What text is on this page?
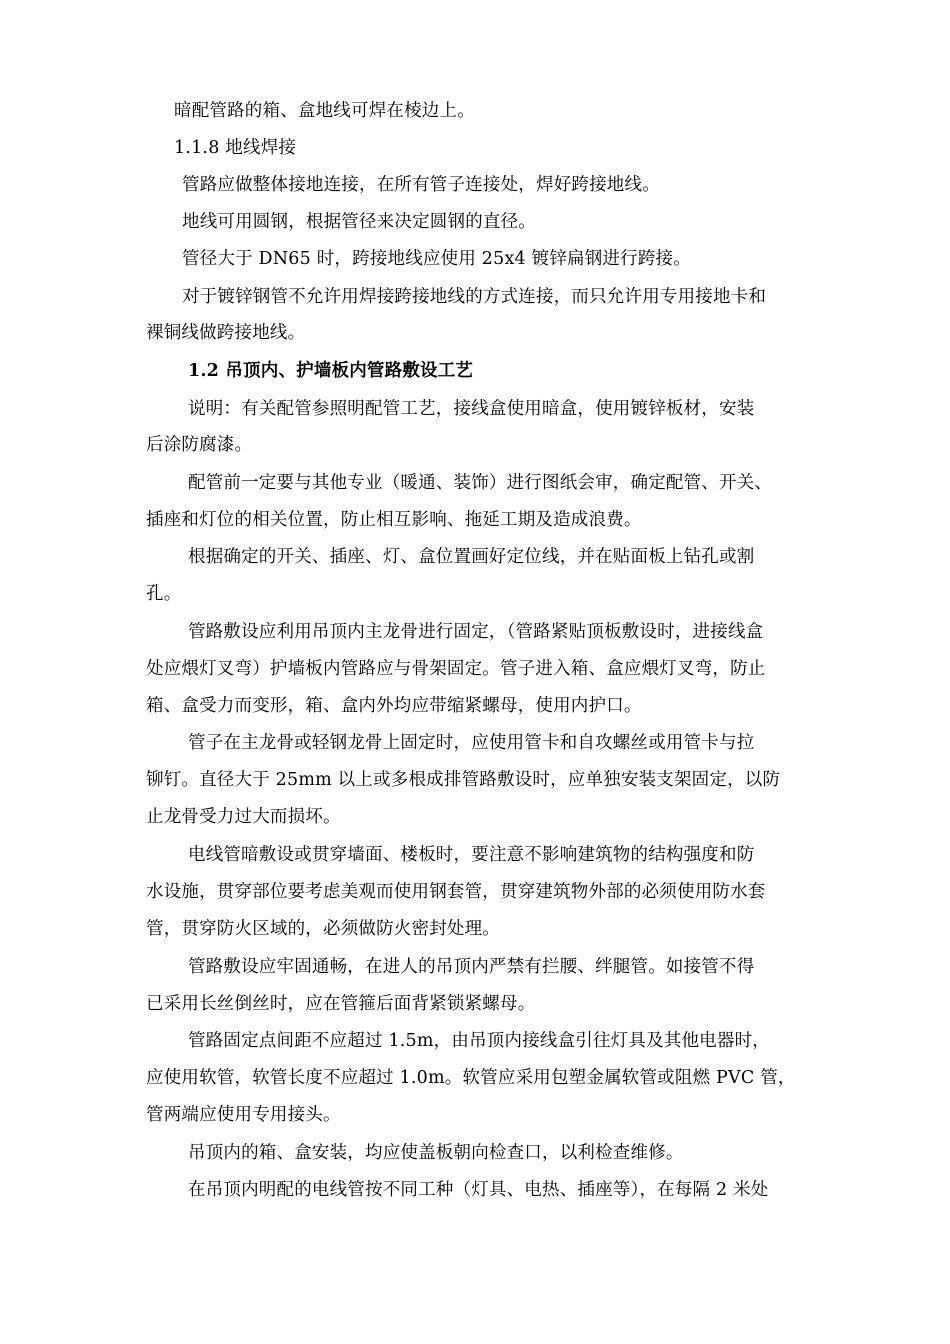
暗配管路的箱、盒地线可焊在棱边上。
1.1.8 地线焊接
管路应做整体接地连接，在所有管子连接处，焊好跨接地线。
地线可用圆钢，根据管径来决定圆钢的直径。
管径大于 DN65 时，跨接地线应使用 25x4 镀锌扁钢进行跨接。
对于镀锌钢管不允许用焊接跨接地线的方式连接，而只允许用专用接地卡和
裸铜线做跨接地线。
1.2 吊顶内、护墙板内管路敷设工艺
说明：有关配管参照明配管工艺，接线盒使用暗盒，使用镀锌板材，安装
后涂防腐漆。
配管前一定要与其他专业（暖通、装饰）进行图纸会审，确定配管、开关、
插座和灯位的相关位置，防止相互影响、拖延工期及造成浪费。
根据确定的开关、插座、灯、盒位置画好定位线，并在贴面板上钻孔或割
孔。
管路敷设应利用吊顶内主龙骨进行固定，（管路紧贴顶板敷设时，进接线盒
处应煨灯叉弯）护墙板内管路应与骨架固定。管子进入箱、盒应煨灯叉弯，防止
箱、盒受力而变形，箱、盒内外均应带缩紧螺母，使用内护口。
管子在主龙骨或轻钢龙骨上固定时，应使用管卡和自攻螺丝或用管卡与拉
铆钉。直径大于 25mm 以上或多根成排管路敷设时，应单独安装支架固定，以防
止龙骨受力过大而损坏。
电线管暗敷设或贯穿墙面、楼板时，要注意不影响建筑物的结构强度和防
水设施，贯穿部位要考虑美观而使用钢套管，贯穿建筑物外部的必须使用防水套
管，贯穿防火区域的，必须做防火密封处理。
管路敷设应牢固通畅，在进人的吊顶内严禁有拦腰、绊腿管。如接管不得
已采用长丝倒丝时，应在管箍后面背紧锁紧螺母。
管路固定点间距不应超过 1.5m，由吊顶内接线盒引往灯具及其他电器时，
应使用软管，软管长度不应超过 1.0m。软管应采用包塑金属软管或阻燃 PVC 管，
管两端应使用专用接头。
吊顶内的箱、盒安装，均应使盖板朝向检查口，以利检查维修。
在吊顶内明配的电线管按不同工种（灯具、电热、插座等），在每隔 2 米处
